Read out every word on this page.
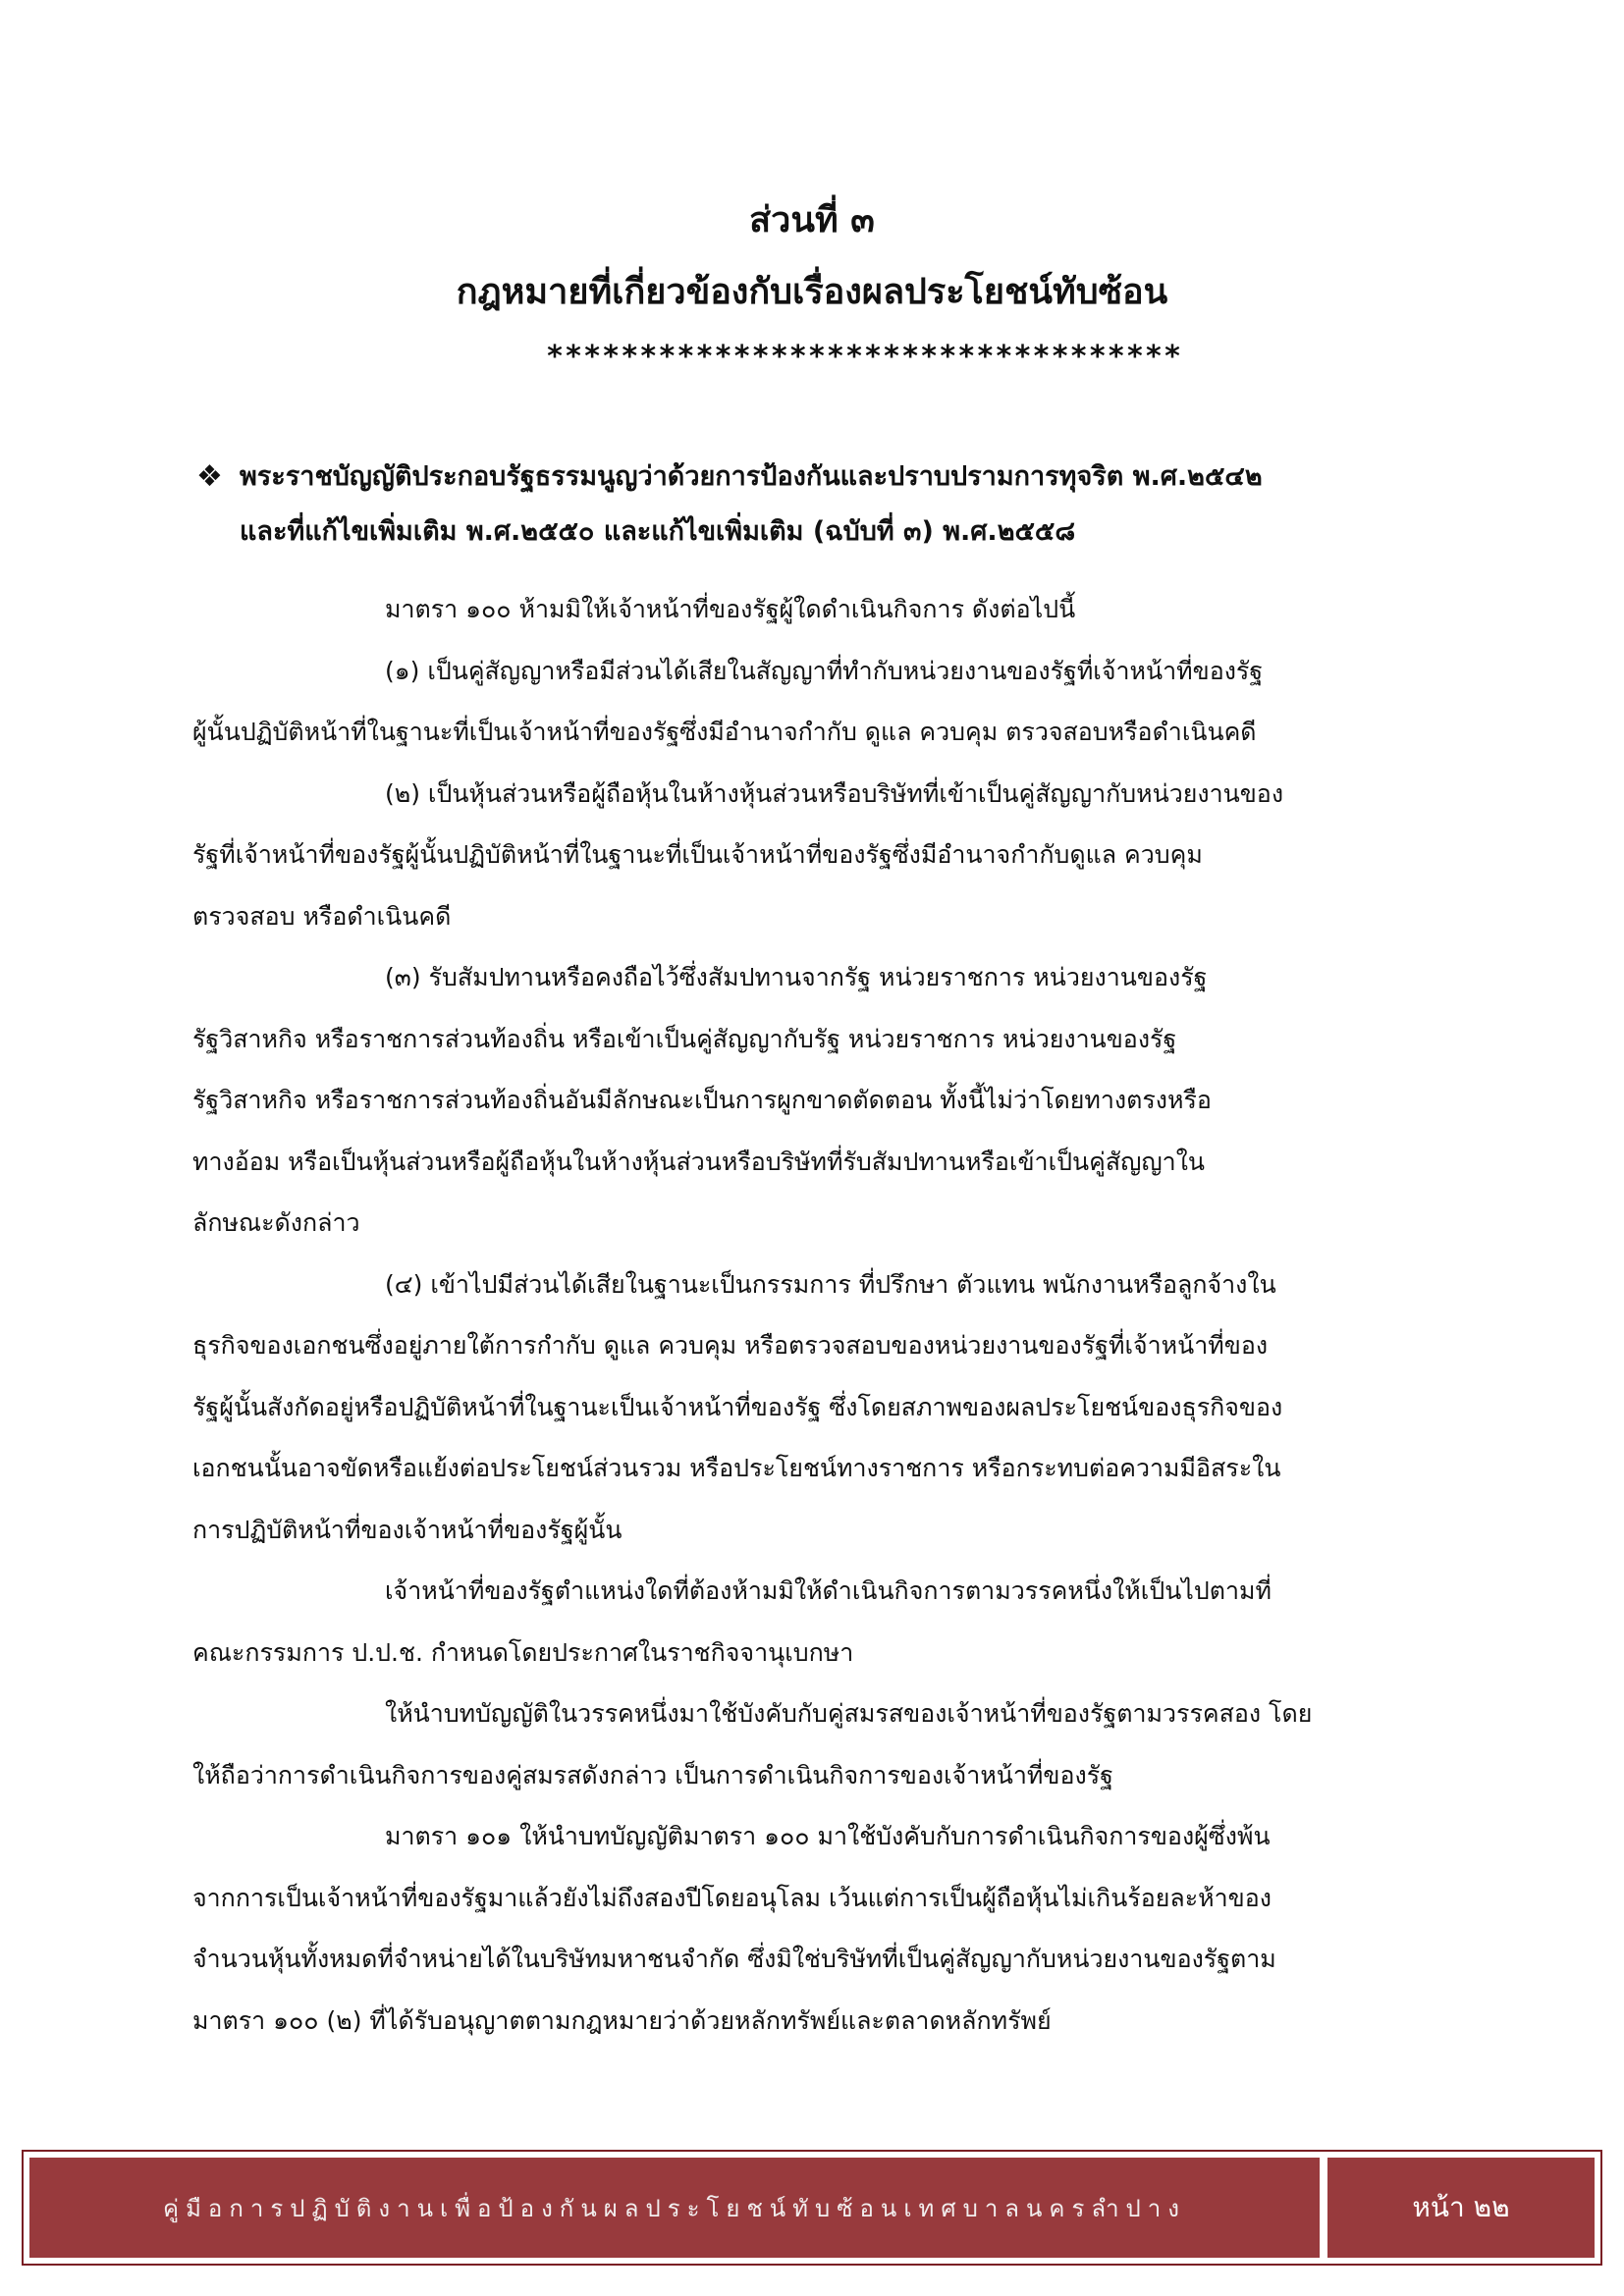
ส่วนที่ ๓
กฎหมายที่เกี่ยวข้องกับเรื่องผลประโยชน์ทับซ้อน
**********************************
❖ พระราชบัญญัติประกอบรัฐธรรมนูญว่าด้วยการป้องกันและปราบปรามการทุจริต พ.ศ.๒๕๔๒
และที่แก้ไขเพิ่มเติม พ.ศ.๒๕๕๐ และแก้ไขเพิ่มเติม (ฉบับที่ ๓) พ.ศ.๒๕๕๘

มาตรา ๑๐๐ ห้ามมิให้เจ้าหน้าที่ของรัฐผู้ใดดำเนินกิจการ ดังต่อไปนี้

(๑) เป็นคู่สัญญาหรือมีส่วนได้เสียในสัญญาที่ทำกับหน่วยงานของรัฐที่เจ้าหน้าที่ของรัฐ

ผู้นั้นปฏิบัติหน้าที่ในฐานะที่เป็นเจ้าหน้าที่ของรัฐซึ่งมีอำนาจกำกับ ดูแล ควบคุม ตรวจสอบหรือดำเนินคดี

(๒) เป็นหุ้นส่วนหรือผู้ถือหุ้นในห้างหุ้นส่วนหรือบริษัทที่เข้าเป็นคู่สัญญากับหน่วยงานของ

รัฐที่เจ้าหน้าที่ของรัฐผู้นั้นปฏิบัติหน้าที่ในฐานะที่เป็นเจ้าหน้าที่ของรัฐซึ่งมีอำนาจกำกับดูแล ควบคุม

ตรวจสอบ หรือดำเนินคดี

(๓) รับสัมปทานหรือคงถือไว้ซึ่งสัมปทานจากรัฐ หน่วยราชการ หน่วยงานของรัฐ

รัฐวิสาหกิจ หรือราชการส่วนท้องถิ่น หรือเข้าเป็นคู่สัญญากับรัฐ หน่วยราชการ หน่วยงานของรัฐ

รัฐวิสาหกิจ หรือราชการส่วนท้องถิ่นอันมีลักษณะเป็นการผูกขาดตัดตอน ทั้งนี้ไม่ว่าโดยทางตรงหรือ

ทางอ้อม หรือเป็นหุ้นส่วนหรือผู้ถือหุ้นในห้างหุ้นส่วนหรือบริษัทที่รับสัมปทานหรือเข้าเป็นคู่สัญญาใน

ลักษณะดังกล่าว

(๔) เข้าไปมีส่วนได้เสียในฐานะเป็นกรรมการ ที่ปรึกษา ตัวแทน พนักงานหรือลูกจ้างใน

ธุรกิจของเอกชนซึ่งอยู่ภายใต้การกำกับ ดูแล ควบคุม หรือตรวจสอบของหน่วยงานของรัฐที่เจ้าหน้าที่ของ

รัฐผู้นั้นสังกัดอยู่หรือปฏิบัติหน้าที่ในฐานะเป็นเจ้าหน้าที่ของรัฐ ซึ่งโดยสภาพของผลประโยชน์ของธุรกิจของ

เอกชนนั้นอาจขัดหรือแย้งต่อประโยชน์ส่วนรวม หรือประโยชน์ทางราชการ หรือกระทบต่อความมีอิสระใน

การปฏิบัติหน้าที่ของเจ้าหน้าที่ของรัฐผู้นั้น

เจ้าหน้าที่ของรัฐตำแหน่งใดที่ต้องห้ามมิให้ดำเนินกิจการตามวรรคหนึ่งให้เป็นไปตามที่

คณะกรรมการ ป.ป.ช. กำหนดโดยประกาศในราชกิจจานุเบกษา

ให้นำบทบัญญัติในวรรคหนึ่งมาใช้บังคับกับคู่สมรสของเจ้าหน้าที่ของรัฐตามวรรคสอง โดย

ให้ถือว่าการดำเนินกิจการของคู่สมรสดังกล่าว เป็นการดำเนินกิจการของเจ้าหน้าที่ของรัฐ

มาตรา ๑๐๑ ให้นำบทบัญญัติมาตรา ๑๐๐ มาใช้บังคับกับการดำเนินกิจการของผู้ซึ่งพ้น

จากการเป็นเจ้าหน้าที่ของรัฐมาแล้วยังไม่ถึงสองปีโดยอนุโลม เว้นแต่การเป็นผู้ถือหุ้นไม่เกินร้อยละห้าของ

จำนวนหุ้นทั้งหมดที่จำหน่ายได้ในบริษัทมหาชนจำกัด ซึ่งมิใช่บริษัทที่เป็นคู่สัญญากับหน่วยงานของรัฐตาม

มาตรา ๑๐๐ (๒) ที่ได้รับอนุญาตตามกฎหมายว่าด้วยหลักทรัพย์และตลาดหลักทรัพย์

คู่มือการปฏิบัติงานเพื่อป้องกันผลประโยชน์ทับซ้อนเทศบาลนครลำปาง	หน้า ๒๒
